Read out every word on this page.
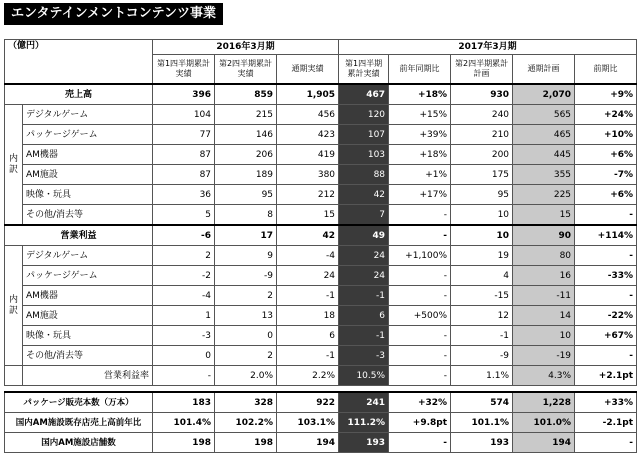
エンタテインメントコンテンツ事業
（億円）		2016年3月期			2017年3月期				
		第1四半期累計実績	第2四半期累計実績	通期実績	第1四半期累計実績	前年同期比	第2四半期累計計画	通期計画	前期比
売上高		396	859	1,905	467	+18%	930	2,070	+9%

内
訳	デジタルゲーム	104	215	456	120	+15%	240	565	+24%
	パッケージゲーム	77	146	423	107	+39%	210	465	+10%
	AM機器	87	206	419	103	+18%	200	445	+6%
	AM施設	87	189	380	88	+1%	175	355	-7%
	映像・玩具	36	95	212	42	+17%	95	225	+6%
	その他/消去等	5	8	15	7	-	10	15	-
営業利益		-6	17	42	49	-	10	90	+114%

内
訳	デジタルゲーム	2	9	-4	24	+1,100%	19	80	-
	パッケージゲーム	-2	-9	24	24	-	4	16	-33%
	AM機器	-4	2	-1	-1	-	-15	-11	-
	AM施設	1	13	18	6	+500%	12	14	-22%
	映像・玩具	-3	0	6	-1	-	-1	10	+67%
	その他/消去等	0	2	-1	-3	-	-9	-19	-
	営業利益率	-	2.0%	2.2%	10.5%	-	1.1%	4.3%	+2.1pt

パッケージ販売本数（万本）		183	328	922	241	+32%	574	1,228	+33%
国内AM施設既存店売上高前年比		101.4%	102.2%	103.1%	111.2%	+9.8pt	101.1%	101.0%	-2.1pt
国内AM施設店舗数		198	198	194	193	-	193	194	-
